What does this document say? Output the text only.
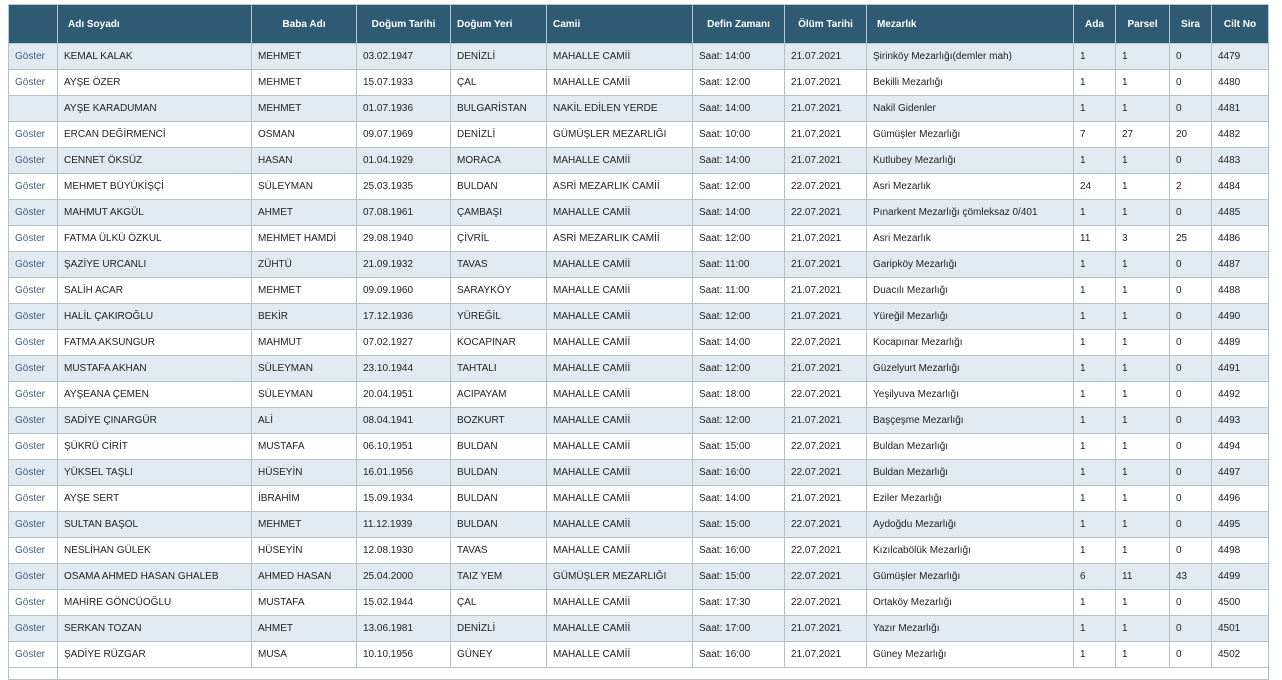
	Adı Soyadı	Baba Adı	Doğum Tarihi	Doğum Yeri	Camii	Defin Zamanı	Ölüm Tarihi	Mezarlık	Ada	Parsel	Sira	Cilt No
Göster	KEMAL KALAK	MEHMET	03.02.1947	DENİZLİ	MAHALLE CAMİİ	Saat: 14:00	21.07.2021	Şirinköy Mezarlığı(demler mah)	1	1	0	4479
Göster	AYŞE ÖZER	MEHMET	15.07.1933	ÇAL	MAHALLE CAMİİ	Saat: 12:00	21.07.2021	Bekilli Mezarlığı	1	1	0	4480
	AYŞE KARADUMAN	MEHMET	01.07.1936	BULGARİSTAN	NAKİL EDİLEN YERDE	Saat: 14:00	21.07.2021	Nakil Gidenler	1	1	0	4481
Göster	ERCAN DEĞİRMENCİ	OSMAN	09.07.1969	DENİZLİ	GÜMÜŞLER MEZARLIĞI	Saat: 10:00	21.07.2021	Gümüşler Mezarlığı	7	27	20	4482
Göster	CENNET ÖKSÜZ	HASAN	01.04.1929	MORACA	MAHALLE CAMİİ	Saat: 14:00	21.07.2021	Kutlubey Mezarlığı	1	1	0	4483
Göster	MEHMET BÜYÜKİŞÇİ	SÜLEYMAN	25.03.1935	BULDAN	ASRİ MEZARLIK CAMİİ	Saat: 12:00	22.07.2021	Asri Mezarlık	24	1	2	4484
Göster	MAHMUT AKGÜL	AHMET	07.08.1961	ÇAMBAŞI	MAHALLE CAMİİ	Saat: 14:00	22.07.2021	Pınarkent Mezarlığı çömleksaz 0/401	1	1	0	4485
Göster	FATMA ÜLKÜ ÖZKUL	MEHMET HAMDİ	29.08.1940	ÇİVRİL	ASRİ MEZARLIK CAMİİ	Saat: 12:00	21.07.2021	Asri Mezarlık	11	3	25	4486
Göster	ŞAZİYE URCANLI	ZÜHTÜ	21.09.1932	TAVAS	MAHALLE CAMİİ	Saat: 11:00	21.07.2021	Garipköy Mezarlığı	1	1	0	4487
Göster	SALİH ACAR	MEHMET	09.09.1960	SARAYKÖY	MAHALLE CAMİİ	Saat: 11:00	21.07.2021	Duacılı Mezarlığı	1	1	0	4488
Göster	HALİL ÇAKIROĞLU	BEKİR	17.12.1936	YÜREĞİL	MAHALLE CAMİİ	Saat: 12:00	21.07.2021	Yüreğil Mezarlığı	1	1	0	4490
Göster	FATMA AKSUNGUR	MAHMUT	07.02.1927	KOCAPINAR	MAHALLE CAMİİ	Saat: 14:00	22.07.2021	Kocapınar Mezarlığı	1	1	0	4489
Göster	MUSTAFA AKHAN	SÜLEYMAN	23.10.1944	TAHTALI	MAHALLE CAMİİ	Saat: 12:00	21.07.2021	Güzelyurt Mezarlığı	1	1	0	4491
Göster	AYŞEANA ÇEMEN	SÜLEYMAN	20.04.1951	ACIPAYAM	MAHALLE CAMİİ	Saat: 18:00	22.07.2021	Yeşilyuva Mezarlığı	1	1	0	4492
Göster	SADİYE ÇINARGÜR	ALİ	08.04.1941	BOZKURT	MAHALLE CAMİİ	Saat: 12:00	21.07.2021	Başçeşme Mezarlığı	1	1	0	4493
Göster	ŞÜKRÜ CİRİT	MUSTAFA	06.10.1951	BULDAN	MAHALLE CAMİİ	Saat: 15:00	22.07.2021	Buldan Mezarlığı	1	1	0	4494
Göster	YÜKSEL TAŞLI	HÜSEYİN	16.01.1956	BULDAN	MAHALLE CAMİİ	Saat: 16:00	22.07.2021	Buldan Mezarlığı	1	1	0	4497
Göster	AYŞE SERT	İBRAHİM	15.09.1934	BULDAN	MAHALLE CAMİİ	Saat: 14:00	21.07.2021	Eziler Mezarlığı	1	1	0	4496
Göster	SULTAN BAŞOL	MEHMET	11.12.1939	BULDAN	MAHALLE CAMİİ	Saat: 15:00	22.07.2021	Aydoğdu Mezarlığı	1	1	0	4495
Göster	NESLİHAN GÜLEK	HÜSEYİN	12.08.1930	TAVAS	MAHALLE CAMİİ	Saat: 16:00	22.07.2021	Kızılcabölük Mezarlığı	1	1	0	4498
Göster	OSAMA AHMED HASAN GHALEB	AHMED HASAN	25.04.2000	TAIZ YEM	GÜMÜŞLER MEZARLIĞI	Saat: 15:00	22.07.2021	Gümüşler Mezarlığı	6	11	43	4499
Göster	MAHİRE GÖNCÜOĞLU	MUSTAFA	15.02.1944	ÇAL	MAHALLE CAMİİ	Saat: 17:30	22.07.2021	Ortaköy Mezarlığı	1	1	0	4500
Göster	SERKAN TOZAN	AHMET	13.06.1981	DENİZLİ	MAHALLE CAMİİ	Saat: 17:00	21.07.2021	Yazır Mezarlığı	1	1	0	4501
Göster	ŞADİYE RÜZGAR	MUSA	10.10.1956	GÜNEY	MAHALLE CAMİİ	Saat: 16:00	21.07.2021	Güney Mezarlığı	1	1	0	4502
